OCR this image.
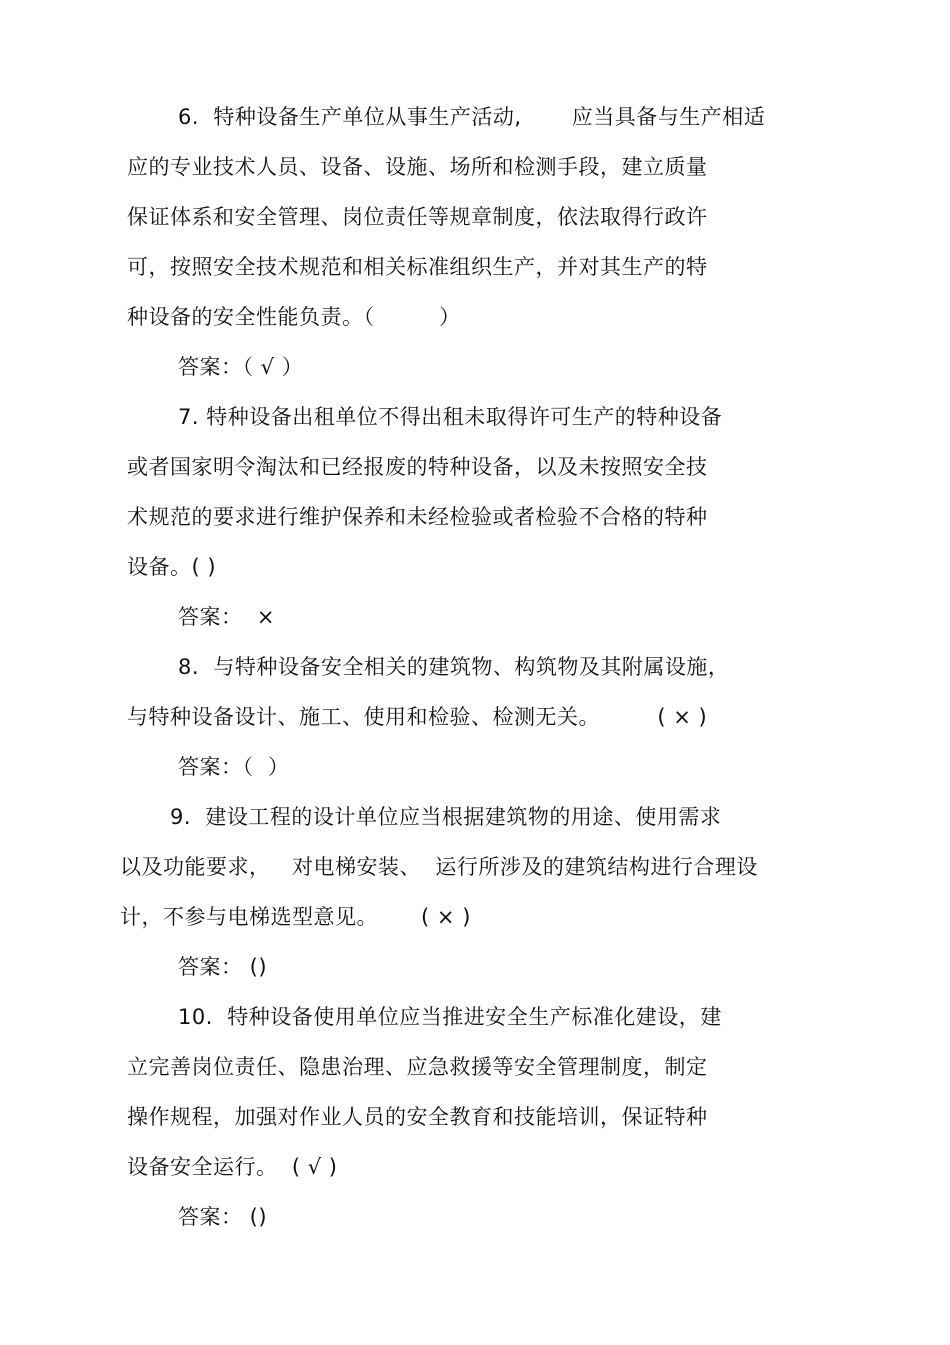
6.  特种设备生产单位从事生产活动,       应当具备与生产相适

应的专业技术人员、设备、设施、场所和检测手段，建立质量

保证体系和安全管理、岗位责任等规章制度，依法取得行政许

可，按照安全技术规范和相关标准组织生产，并对其生产的特

种设备的安全性能负责。（         ）

答案：（ √ ）

7. 特种设备出租单位不得出租未取得许可生产的特种设备

或者国家明令淘汰和已经报废的特种设备，以及未按照安全技

术规范的要求进行维护保养和未经检验或者检验不合格的特种

设备。( )

答案：  ×

8.  与特种设备安全相关的建筑物、构筑物及其附属设施，

与特种设备设计、施工、使用和检验、检测无关。        ( × )

答案：（  ）

9.  建设工程的设计单位应当根据建筑物的用途、使用需求

以及功能要求，   对电梯安装、  运行所涉及的建筑结构进行合理设

计，不参与电梯选型意见。      ( × )

答案： ()

10.  特种设备使用单位应当推进安全生产标准化建设，建

立完善岗位责任、隐患治理、应急救援等安全管理制度，制定

操作规程，加强对作业人员的安全教育和技能培训，保证特种

设备安全运行。  ( √ )

答案： ()
